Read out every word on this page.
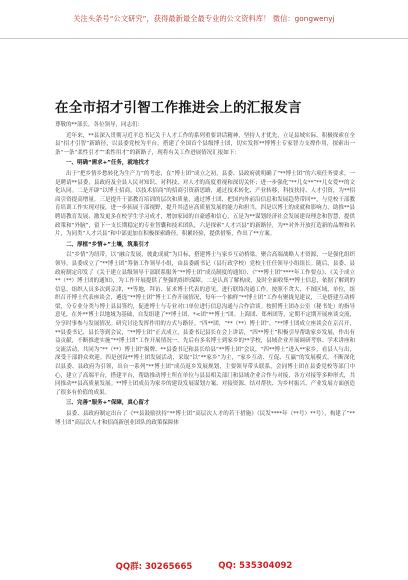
关注头条号“公文研究”，获得最新最全最专业的公文资料库！ 微信：gongwenyj
在全市招才引智工作推进会上的汇报发言

尊敬的**部长，各位领导，同志们：

近年来，**县深入贯彻习近平总书记关于人才工作的系列重要讲话精神，坚持人才优先，立足县域实际，积极探索在全县“招才引智”新路径，以县委党校为平台，搭建了全国首个县级博士团，切实发挥**博博士专家智力支撑作用，探索出一条“一条“柔性引才”“柔性用才”的新路子，现将有关工作进展情况汇报如下：

一、明确“需求+”任务，就地找才

出于“把乡情乡愁转化为生产力”的考虑，在“博士团”成立之初，县委、县政府就明确了“**博士团”的六项任务要求，一是聘请**县委，县政府及全县人民对知识、对科技、对人才的高度重视和深切关怀；进一步强化“**儿女**”**儿女爱**的文化认同。二是开辟“以博士招商，以技术招商”的招商引资新思路，通过技术转化、产业转移，科技扶持、人才引资，为**招商引资提高增量。三是提升干部教育培训的层次和质量，通过博士团，把国内外前沿信息和发展趋势带回**，与党校干部教育培训工作实现对接，进一步拓展干部视野，提升其适应高质量发展的能力和担当，四是以博士的成就和影响力，助推**县聘请教育发展，激发更多在校学生学习成才，增加家园的自豪感和信心，五是为**谋划经济社会发展建设理念和智慧，提供政策和“外脑”，留下一支长期稳定的专业智囊和技术团队，六是探索“人才兴县”的新路径，为**对外开放打造新的品牌和名片，为同类“人才兴县”和中部更加在积极探索路径。积累经验，提供借鉴，作出了**方案。

二、厚植“乡情+”土壤，筑巢引才

以“乡情”为纽带，以“融合发展，彼此成就”为目标，搭建博士与家乡互动桥梁，聚合高端战略人才资源，一是强化组织领导，县委成立了“**博士团”筹备工作领导小组，由县委副书记（县行政学校）党校主任任领导小组组长。随后，县委、县政府制定印发了《关于建立县级领导干部联系服务“**博士团”成员制度的通知》、《“**博士团”****年工作要点》、《关于成立**（**）博士团的通知》，为工作开展提供了坚强的组织保障。二是认真了解构成，及时全面收集**博士信息，依据了解到的信息，组织人员多次到京津，**等地，拜访、征求博士代表的意见，进行联络沟通工作，按照不贪大、不图区域，单位，组织召开博士代表座谈会，遴选“**博士团”博士工作开展情况，每年一个抽样“**博士团”工作有聚拢见建议，三是搭建互动桥梁，分专业分类与博士县县签约，促进博士与专业对口单位进行信息沟通与合作洽谈。按照博士团办公室（秘书处）的指导意见，在外**博士以地域为基础，自发组建了**博士团，*<团“**博士”团。上海团、郑州团等，定期不定期开展座谈交流，分享时事参与发展情况。研究讨论发挥作用的方式与路径。“四**团，“**（**）博士团”，“**博士团成立座谈会在京召开，**县委书记、县长等到会议，“**博士团”正式成立，县委书记县长在会上讲话，“四**博士”积极引导帮助家乡发展，作出有益贡献，不断推进实施“**博士团”工作开展情况一。先后有多名博士到家乡的**学校，县域企业开展调研考察、学术讲座和交流活动，共同为“**（**）博士团”揭牌、**县委书记和县长给县“**博士团”会议，“四**博士”进入**家乡，看县人与出，深受干部群众欢迎。四是创设**博士团发展活动，采取“以“**家乡”为主，“家乡互动、互促、互赢”的发展模式，不断深化以县委、县政府为引领，出台一系列“**博士团”成员返乡发展规划，主要领导带头联系，会同博士团在县委党校等部门中心，建立了高端平台，搭建平台，帮助推动博士所在单位与县县相关部门和县域企业合作与对接，各方对接等多种形式，共同推动**县高质量发展。**博士团成员为家乡的建设发展谋划方案、对接资源、结对帮扶、为乡村振兴、产业发展方面创造了很多有价值的成果。

三、完善“服务+”保障，真心留才

县委、县政府制定出台了《**县鼓励扶持“**博士团”高层次人才的若干措施》（民发****年（**号）**号），构建了“**博士团”高层次人才和招商新创业团队的政策保障体

QQ群: 30265665	QQ: 535304092
